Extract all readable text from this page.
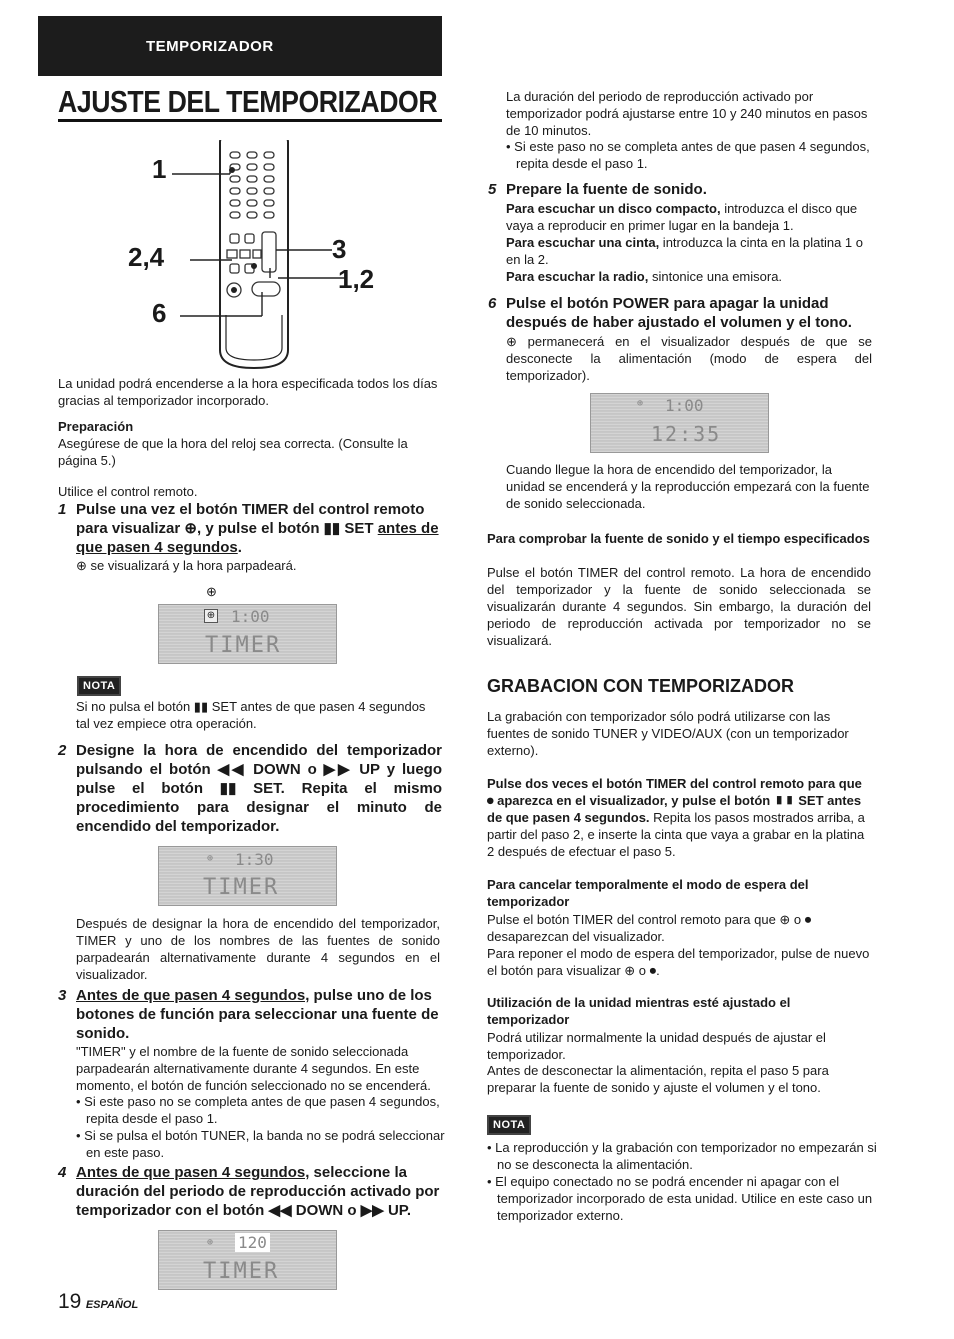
TEMPORIZADOR
AJUSTE DEL TEMPORIZADOR
1
2,4
6
3
1,2
La unidad podrá encenderse a la hora especificada todos los días gracias al temporizador incorporado.
Preparación
Asegúrese de que la hora del reloj sea correcta. (Consulte la página 5.)
Utilice el control remoto.
1 Pulse una vez el botón TIMER del control remoto para visualizar ⊕, y pulse el botón ▮▮ SET antes de que pasen 4 segundos.
⊕ se visualizará y la hora parpadeará.
⊕
⊕ 1:00
TIMER
NOTA
Si no pulsa el botón ▮▮ SET antes de que pasen 4 segundos tal vez empiece otra operación.
2 Designe la hora de encendido del temporizador pulsando el botón ◀◀ DOWN o ▶▶ UP y luego pulse el botón ▮▮ SET. Repita el mismo procedimiento para designar el minuto de encendido del temporizador.
⊕ 1:30
TIMER
Después de designar la hora de encendido del temporizador, TIMER y uno de los nombres de las fuentes de sonido parpadearán alternativamente durante 4 segundos en el visualizador.
3 Antes de que pasen 4 segundos, pulse uno de los botones de función para seleccionar una fuente de sonido.
"TIMER" y el nombre de la fuente de sonido seleccionada parpadearán alternativamente durante 4 segundos. En este momento, el botón de función seleccionado no se encenderá.
• Si este paso no se completa antes de que pasen 4 segundos, repita desde el paso 1.
• Si se pulsa el botón TUNER, la banda no se podrá seleccionar en este paso.
4 Antes de que pasen 4 segundos, seleccione la duración del periodo de reproducción activado por temporizador con el botón ◀◀ DOWN o ▶▶ UP.
⊕ 120
TIMER
19 ESPAÑOL
La duración del periodo de reproducción activado por temporizador podrá ajustarse entre 10 y 240 minutos en pasos de 10 minutos.
• Si este paso no se completa antes de que pasen 4 segundos, repita desde el paso 1.
5 Prepare la fuente de sonido.
Para escuchar un disco compacto, introduzca el disco que vaya a reproducir en primer lugar en la bandeja 1.
Para escuchar una cinta, introduzca la cinta en la platina 1 o en la 2.
Para escuchar la radio, sintonice una emisora.
6 Pulse el botón POWER para apagar la unidad después de haber ajustado el volumen y el tono.
⊕ permanecerá en el visualizador después de que se desconecte la alimentación (modo de espera del temporizador).
⊕ 1:00
12:35
Cuando llegue la hora de encendido del temporizador, la unidad se encenderá y la reproducción empezará con la fuente de sonido seleccionada.
Para comprobar la fuente de sonido y el tiempo especificados
Pulse el botón TIMER del control remoto. La hora de encendido del temporizador y la fuente de sonido seleccionada se visualizarán durante 4 segundos. Sin embargo, la duración del periodo de reproducción activada por temporizador no se visualizará.
GRABACION CON TEMPORIZADOR
La grabación con temporizador sólo podrá utilizarse con las fuentes de sonido TUNER y VIDEO/AUX (con un temporizador externo).
Pulse dos veces el botón TIMER del control remoto para que ⏺ aparezca en el visualizador, y pulse el botón ▮▮ SET antes de que pasen 4 segundos. Repita los pasos mostrados arriba, a partir del paso 2, e inserte la cinta que vaya a grabar en la platina 2 después de efectuar el paso 5.
Para cancelar temporalmente el modo de espera del temporizador
Pulse el botón TIMER del control remoto para que ⊕ o ⏺ desaparezcan del visualizador.
Para reponer el modo de espera del temporizador, pulse de nuevo el botón para visualizar ⊕ o ⏺.
Utilización de la unidad mientras esté ajustado el temporizador
Podrá utilizar normalmente la unidad después de ajustar el temporizador.
Antes de desconectar la alimentación, repita el paso 5 para preparar la fuente de sonido y ajuste el volumen y el tono.
NOTA
• La reproducción y la grabación con temporizador no empezarán si no se desconecta la alimentación.
• El equipo conectado no se podrá encender ni apagar con el temporizador incorporado de esta unidad. Utilice en este caso un temporizador externo.
